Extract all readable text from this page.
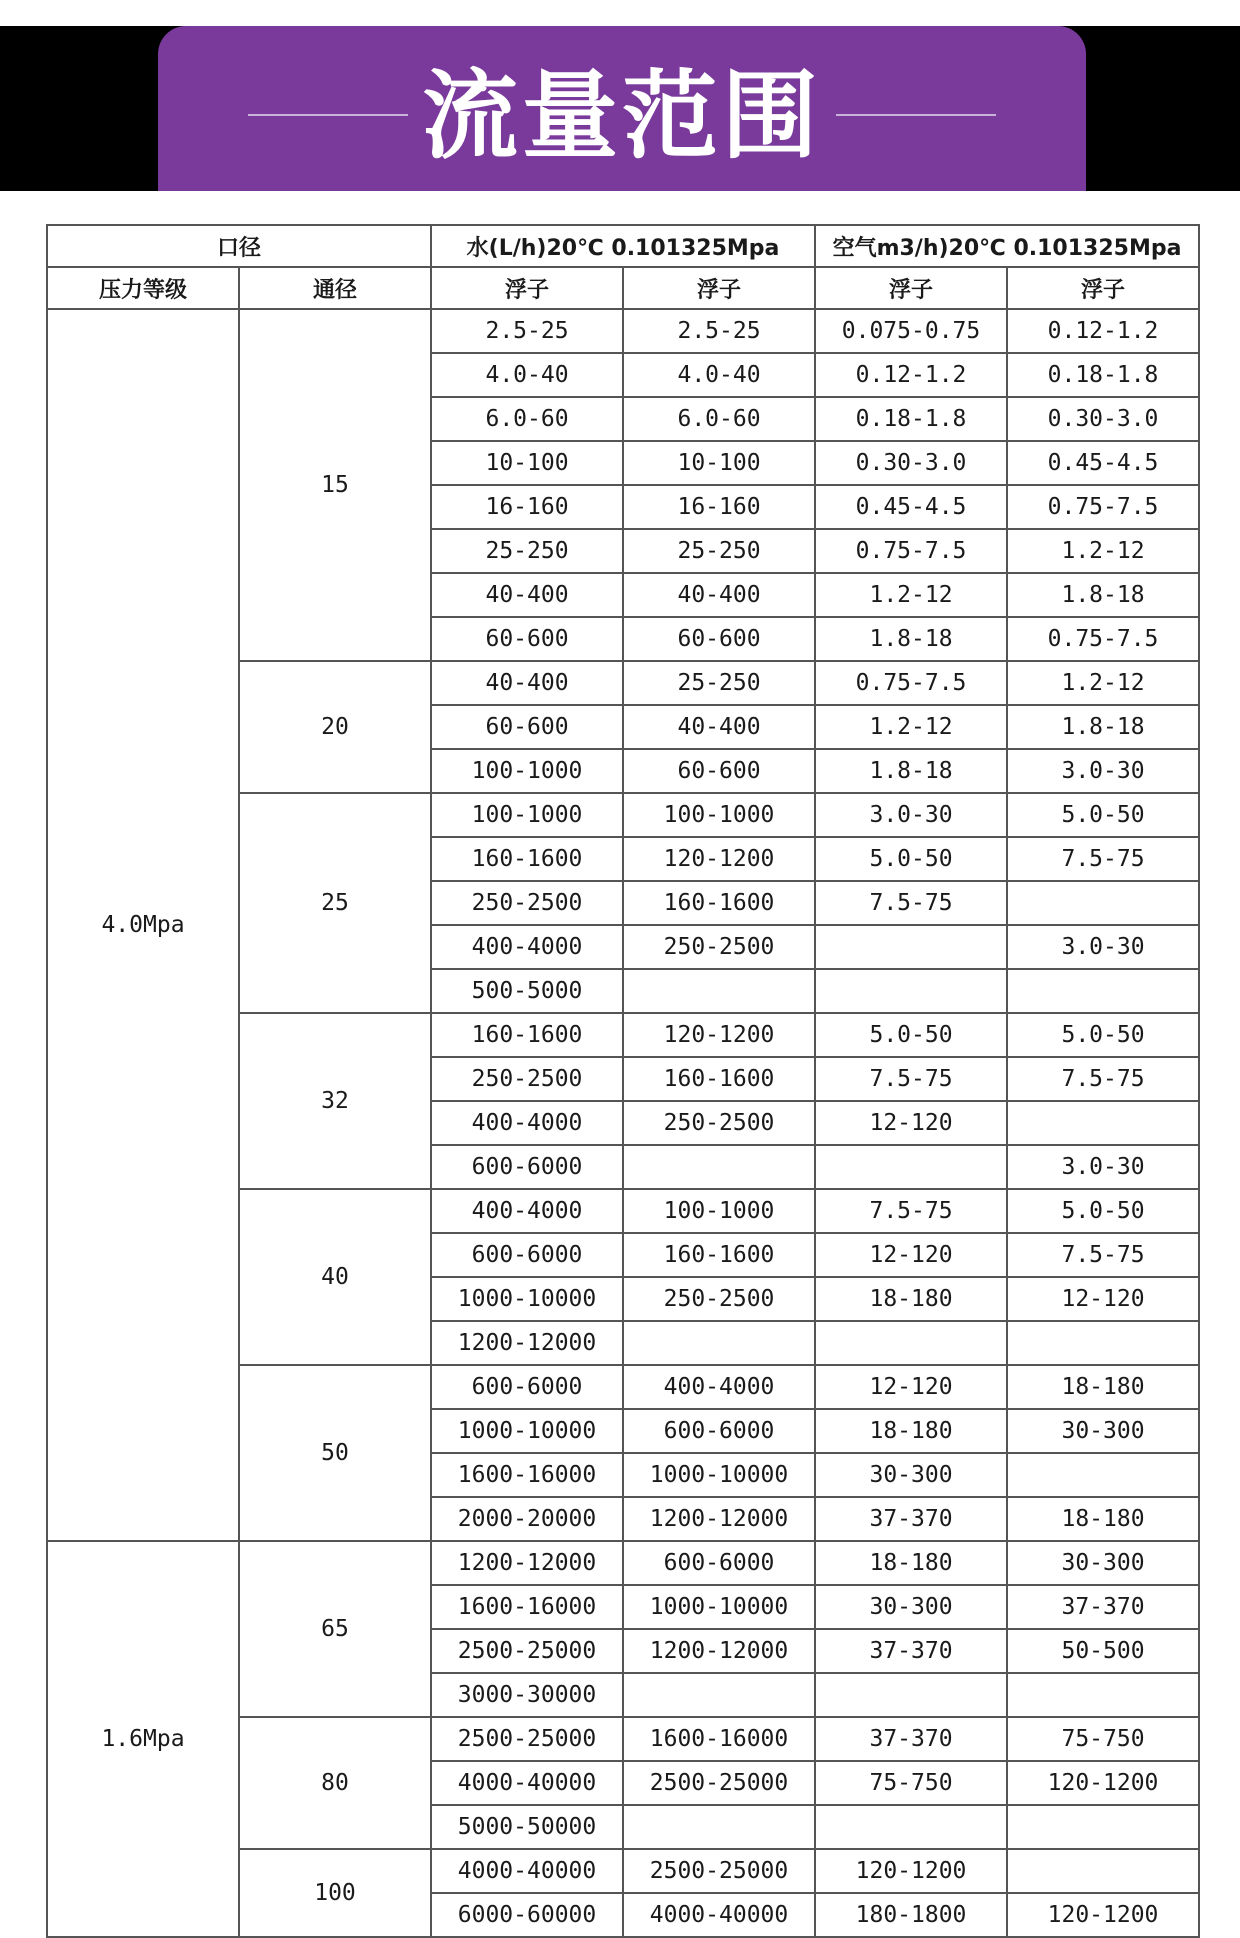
流量范围
口径		水(L/h)20℃ 0.101325Mpa		空气m3/h)20℃ 0.101325Mpa	
压力等级	通径	浮子	浮子	浮子	浮子
4.0Mpa	15	2.5-25	2.5-25	0.075-0.75	0.12-1.2
		4.0-40	4.0-40	0.12-1.2	0.18-1.8
		6.0-60	6.0-60	0.18-1.8	0.30-3.0
		10-100	10-100	0.30-3.0	0.45-4.5
		16-160	16-160	0.45-4.5	0.75-7.5
		25-250	25-250	0.75-7.5	1.2-12
		40-400	40-400	1.2-12	1.8-18
		60-600	60-600	1.8-18	0.75-7.5
	20	40-400	25-250	0.75-7.5	1.2-12
		60-600	40-400	1.2-12	1.8-18
		100-1000	60-600	1.8-18	3.0-30
	25	100-1000	100-1000	3.0-30	5.0-50
		160-1600	120-1200	5.0-50	7.5-75
		250-2500	160-1600	7.5-75	
		400-4000	250-2500		3.0-30
		500-5000			
	32	160-1600	120-1200	5.0-50	5.0-50
		250-2500	160-1600	7.5-75	7.5-75
		400-4000	250-2500	12-120	
		600-6000			3.0-30
	40	400-4000	100-1000	7.5-75	5.0-50
		600-6000	160-1600	12-120	7.5-75
		1000-10000	250-2500	18-180	12-120
		1200-12000			
	50	600-6000	400-4000	12-120	18-180
		1000-10000	600-6000	18-180	30-300
		1600-16000	1000-10000	30-300	
		2000-20000	1200-12000	37-370	18-180
1.6Mpa	65	1200-12000	600-6000	18-180	30-300
		1600-16000	1000-10000	30-300	37-370
		2500-25000	1200-12000	37-370	50-500
		3000-30000			
	80	2500-25000	1600-16000	37-370	75-750
		4000-40000	2500-25000	75-750	120-1200
		5000-50000			
	100	4000-40000	2500-25000	120-1200	
		6000-60000	4000-40000	180-1800	120-1200
